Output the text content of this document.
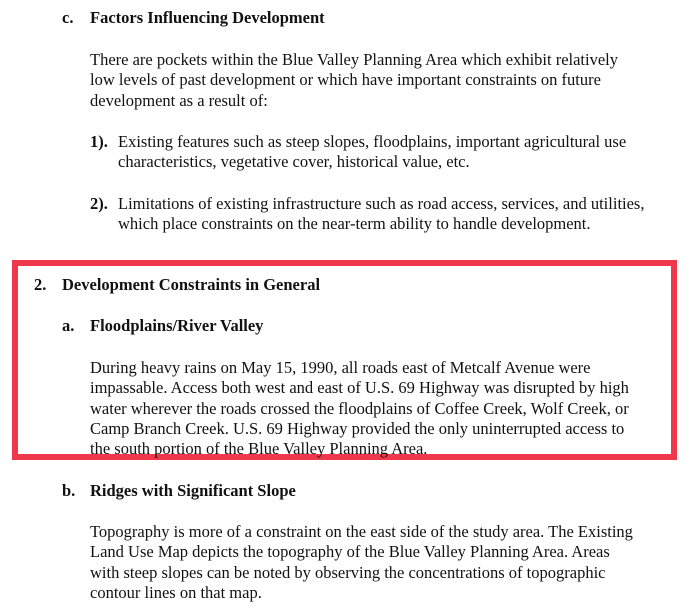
c. Factors Influencing Development
There are pockets within the Blue Valley Planning Area which exhibit relatively low levels of past development or which have important constraints on future development as a result of:
1). Existing features such as steep slopes, floodplains, important agricultural use characteristics, vegetative cover, historical value, etc.
2). Limitations of existing infrastructure such as road access, services, and utilities, which place constraints on the near-term ability to handle development.
2. Development Constraints in General
a. Floodplains/River Valley
During heavy rains on May 15, 1990, all roads east of Metcalf Avenue were impassable. Access both west and east of U.S. 69 Highway was disrupted by high water wherever the roads crossed the floodplains of Coffee Creek, Wolf Creek, or Camp Branch Creek. U.S. 69 Highway provided the only uninterrupted access to the south portion of the Blue Valley Planning Area.
b. Ridges with Significant Slope
Topography is more of a constraint on the east side of the study area. The Existing Land Use Map depicts the topography of the Blue Valley Planning Area. Areas with steep slopes can be noted by observing the concentrations of topographic contour lines on that map.
